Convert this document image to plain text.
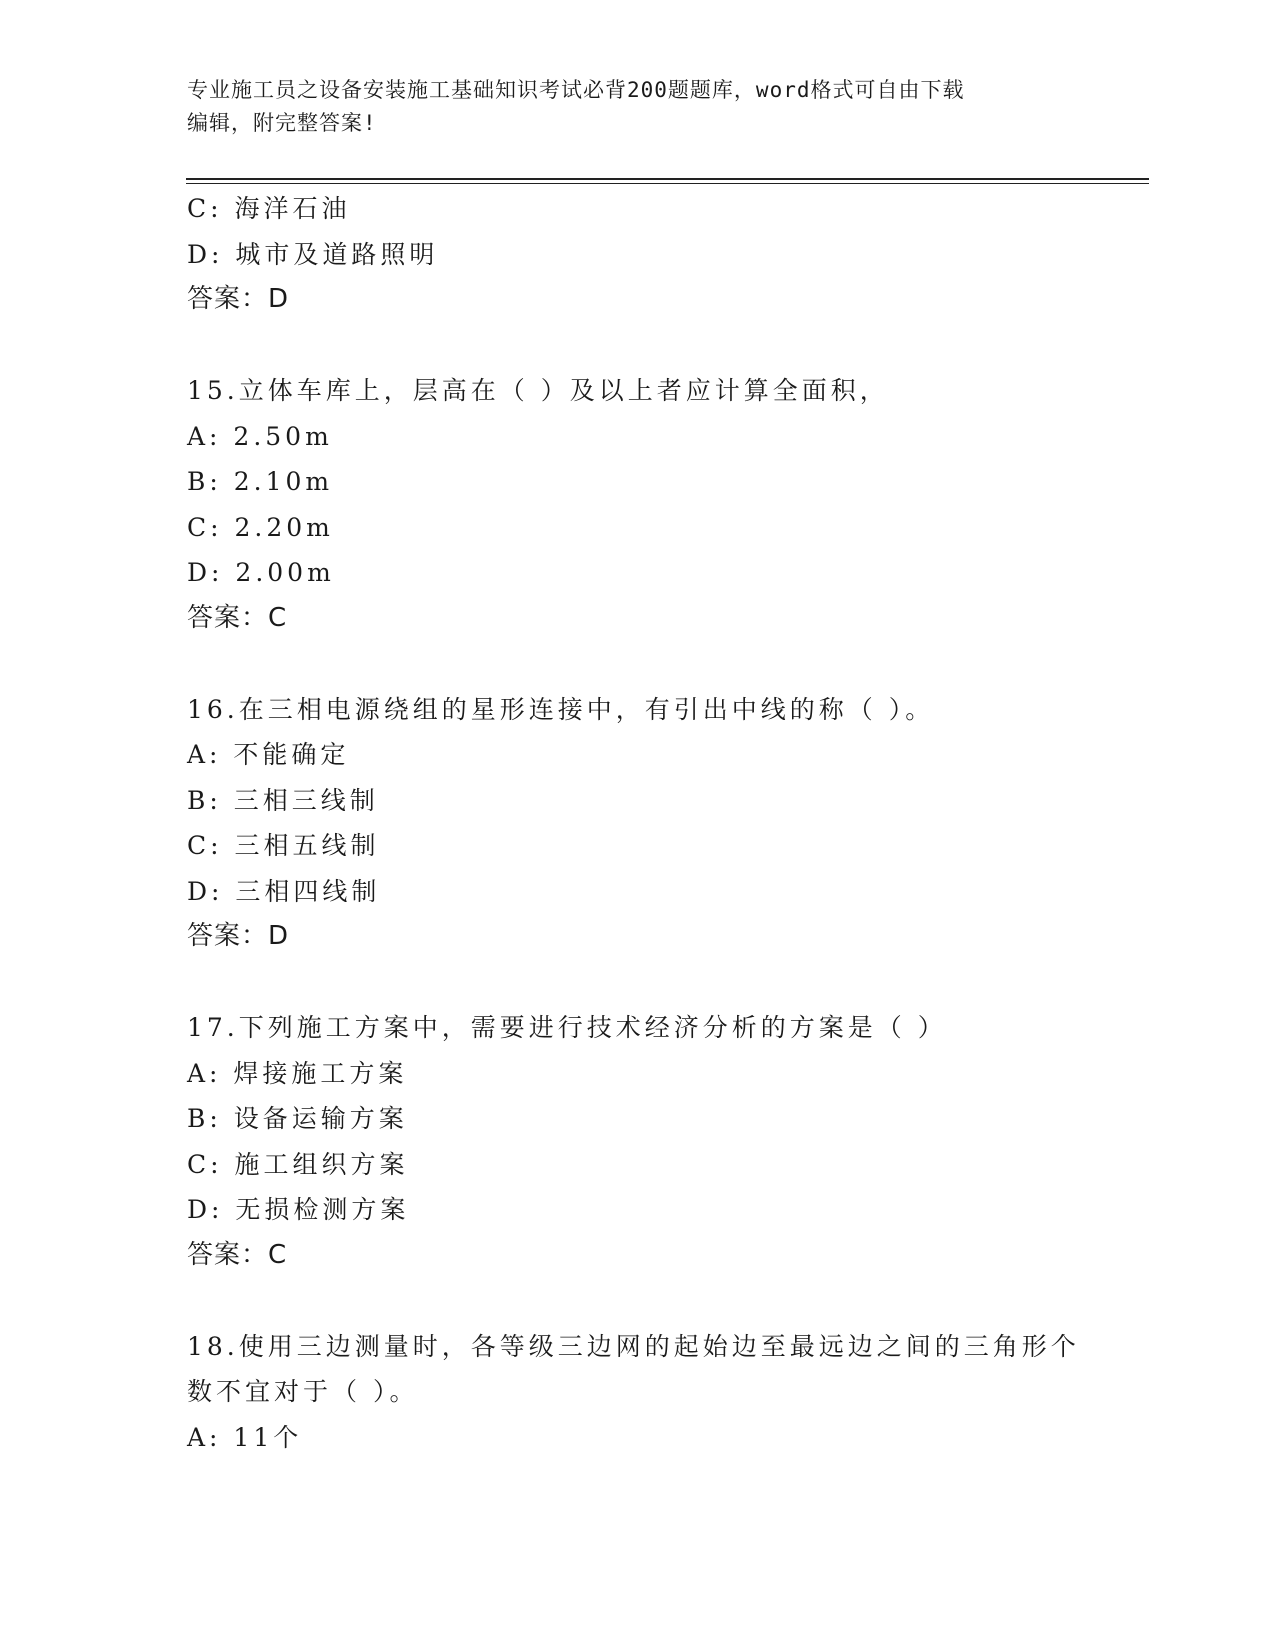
专业施工员之设备安装施工基础知识考试必背200题题库，word格式可自由下载
编辑，附完整答案!
C: 海洋石油
D: 城市及道路照明
答案：D
15.立体车库上，层高在（ ）及以上者应计算全面积，
A: 2.50m
B: 2.10m
C: 2.20m
D: 2.00m
答案：C
16.在三相电源绕组的星形连接中，有引出中线的称（ ）。
A: 不能确定
B: 三相三线制
C: 三相五线制
D: 三相四线制
答案：D
17.下列施工方案中，需要进行技术经济分析的方案是（ ）
A: 焊接施工方案
B: 设备运输方案
C: 施工组织方案
D: 无损检测方案
答案：C
18.使用三边测量时，各等级三边网的起始边至最远边之间的三角形个
数不宜对于（ ）。
A: 11个
